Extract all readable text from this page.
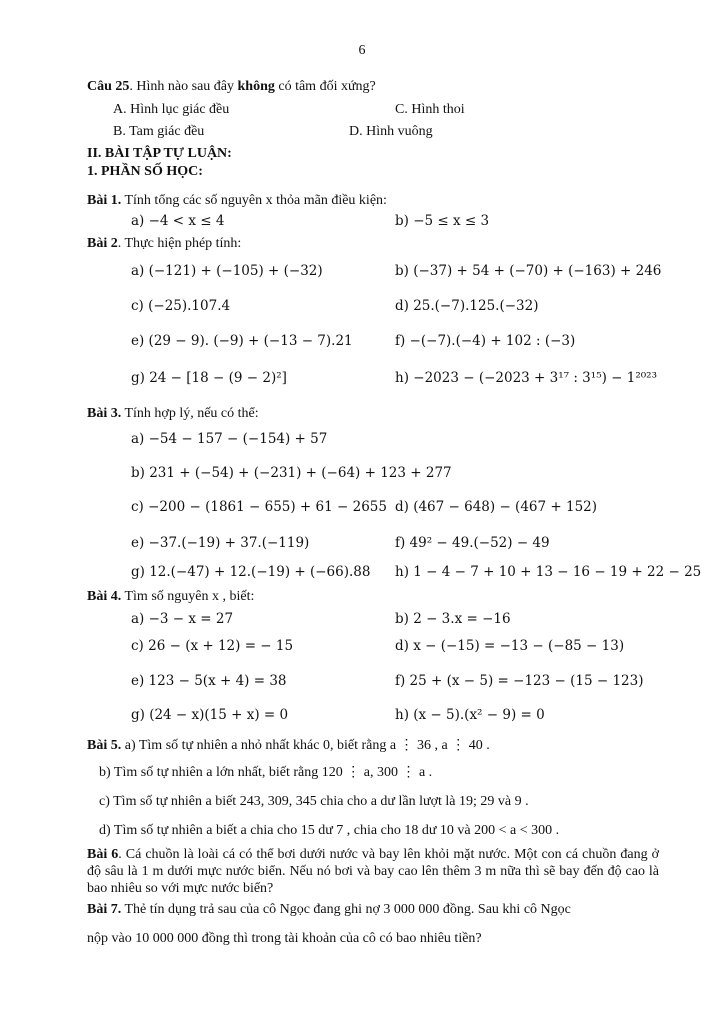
6
Câu 25. Hình nào sau đây không có tâm đối xứng?
A. Hình lục giác đều	C. Hình thoi
B. Tam giác đều	D. Hình vuông
II. BÀI TẬP TỰ LUẬN:
1. PHẦN SỐ HỌC:
Bài 1. Tính tổng các số nguyên x thỏa mãn điều kiện:
a) −4 < x ≤ 4	b) −5 ≤ x ≤ 3
Bài 2. Thực hiện phép tính:
a) (−121) + (−105) + (−32)	b) (−37) + 54 + (−70) + (−163) + 246
c) (−25).107.4	d) 25.(−7).125.(−32)
e) (29 − 9). (−9) + (−13 − 7).21	f) −(−7).(−4) + 102 : (−3)
g) 24 − [18 − (9 − 2)²]	h) −2023 − (−2023 + 3¹⁷ : 3¹⁵) − 1²⁰²³
Bài 3. Tính hợp lý, nếu có thể:
a) −54 − 157 − (−154) + 57
b) 231 + (−54) + (−231) + (−64) + 123 + 277
c) −200 − (1861 − 655) + 61 − 2655 d) (467 − 648) − (467 + 152)
e) −37.(−19) + 37.(−119)	f) 49² − 49.(−52) − 49
g) 12.(−47) + 12.(−19) + (−66).88 h) 1 − 4 − 7 + 10 + 13 − 16 − 19 + 22 − 25
Bài 4. Tìm số nguyên x , biết:
a) −3 − x = 27	b) 2 − 3.x = −16
c) 26 − (x + 12) = − 15	d) x − (−15) = −13 − (−85 − 13)
e) 123 − 5(x + 4) = 38	f) 25 + (x − 5) = −123 − (15 − 123)
g) (24 − x)(15 + x) = 0	h) (x − 5).(x² − 9) = 0
Bài 5. a) Tìm số tự nhiên a nhỏ nhất khác 0, biết rằng a ⋮ 36 , a ⋮ 40 .
b) Tìm số tự nhiên a lớn nhất, biết rằng 120 ⋮ a, 300 ⋮ a .
c) Tìm số tự nhiên a biết 243, 309, 345 chia cho a dư lần lượt là 19; 29 và 9 .
d) Tìm số tự nhiên a biết a chia cho 15 dư 7 , chia cho 18 dư 10 và 200 < a < 300 .
Bài 6. Cá chuồn là loài cá có thể bơi dưới nước và bay lên khỏi mặt nước. Một con cá chuồn đang ở độ sâu là 1 m dưới mực nước biển. Nếu nó bơi và bay cao lên thêm 3 m nữa thì sẽ bay đến độ cao là bao nhiêu so với mực nước biển?
Bài 7. Thẻ tín dụng trả sau của cô Ngọc đang ghi nợ 3 000 000 đồng. Sau khi cô Ngọc
nộp vào 10 000 000 đồng thì trong tài khoản của cô có bao nhiêu tiền?
